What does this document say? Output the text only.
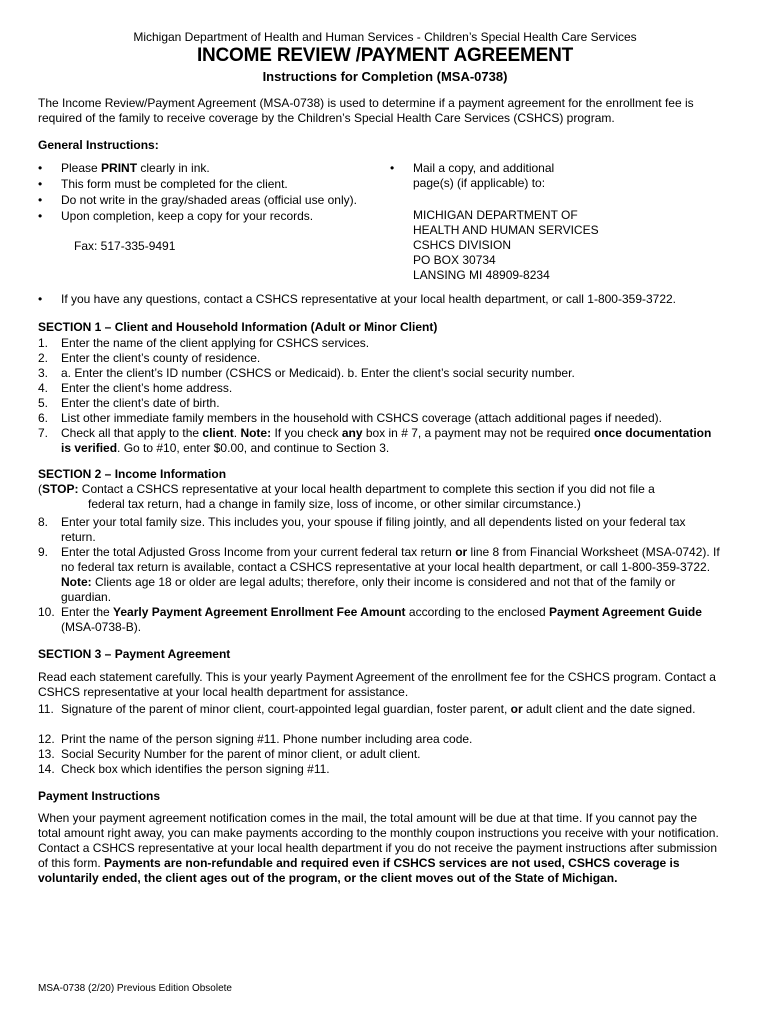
Michigan Department of Health and Human Services - Children’s Special Health Care Services
INCOME REVIEW /PAYMENT AGREEMENT
Instructions for Completion (MSA-0738)
The Income Review/Payment Agreement (MSA-0738) is used to determine if a payment agreement for the enrollment fee is required of the family to receive coverage by the Children’s Special Health Care Services (CSHCS) program.
General Instructions:
• Please PRINT clearly in ink.
• This form must be completed for the client.
• Do not write in the gray/shaded areas (official use only).
• Upon completion, keep a copy for your records.
Fax: 517-335-9491
• Mail a copy, and additional
page(s) (if applicable) to:
MICHIGAN DEPARTMENT OF
HEALTH AND HUMAN SERVICES
CSHCS DIVISION
PO BOX 30734
LANSING MI 48909-8234
• If you have any questions, contact a CSHCS representative at your local health department, or call 1-800-359-3722.
SECTION 1 – Client and Household Information (Adult or Minor Client)
1.	Enter the name of the client applying for CSHCS services.
2.	Enter the client’s county of residence.
3.	a. Enter the client’s ID number (CSHCS or Medicaid). b. Enter the client’s social security number.
4.	Enter the client’s home address.
5.	Enter the client’s date of birth.
6.	List other immediate family members in the household with CSHCS coverage (attach additional pages if needed).
7.	Check all that apply to the client. Note: If you check any box in # 7, a payment may not be required once documentation is verified. Go to #10, enter $0.00, and continue to Section 3.
SECTION 2 – Income Information
(STOP: Contact a CSHCS representative at your local health department to complete this section if you did not file a
federal tax return, had a change in family size, loss of income, or other similar circumstance.)
8.	Enter your total family size. This includes you, your spouse if filing jointly, and all dependents listed on your federal tax return.
9.	Enter the total Adjusted Gross Income from your current federal tax return or line 8 from Financial Worksheet (MSA-0742). If no federal tax return is available, contact a CSHCS representative at your local health department, or call 1-800-359-3722. Note: Clients age 18 or older are legal adults; therefore, only their income is considered and not that of the family or guardian.
10. Enter the Yearly Payment Agreement Enrollment Fee Amount according to the enclosed Payment Agreement Guide (MSA-0738-B).
SECTION 3 – Payment Agreement
Read each statement carefully. This is your yearly Payment Agreement of the enrollment fee for the CSHCS program. Contact a CSHCS representative at your local health department for assistance.
11. Signature of the parent of minor client, court-appointed legal guardian, foster parent, or adult client and the date signed.
12. Print the name of the person signing #11. Phone number including area code.
13. Social Security Number for the parent of minor client, or adult client.
14. Check box which identifies the person signing #11.
Payment Instructions
When your payment agreement notification comes in the mail, the total amount will be due at that time. If you cannot pay the total amount right away, you can make payments according to the monthly coupon instructions you receive with your notification. Contact a CSHCS representative at your local health department if you do not receive the payment instructions after submission of this form. Payments are non-refundable and required even if CSHCS services are not used, CSHCS coverage is voluntarily ended, the client ages out of the program, or the client moves out of the State of Michigan.
MSA-0738 (2/20) Previous Edition Obsolete
